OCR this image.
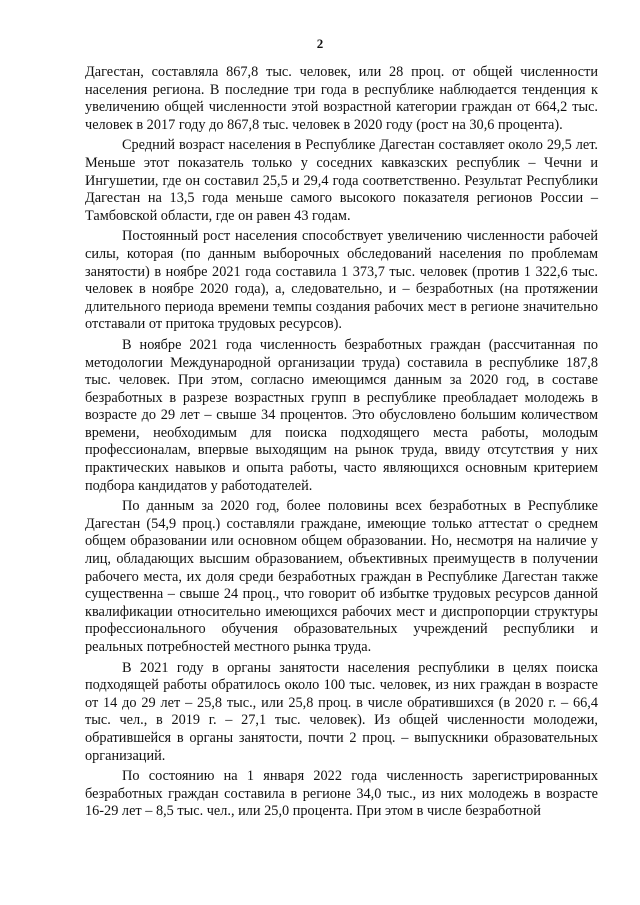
2

Дагестан, составляла 867,8 тыс. человек, или 28 проц. от общей численности населения региона. В последние три года в республике наблюдается тенденция к увеличению общей численности этой возрастной категории граждан от 664,2 тыс. человек в 2017 году до 867,8 тыс. человек в 2020 году (рост на 30,6 процента).

Средний возраст населения в Республике Дагестан составляет около 29,5 лет. Меньше этот показатель только у соседних кавказских республик – Чечни и Ингушетии, где он составил 25,5 и 29,4 года соответственно. Результат Республики Дагестан на 13,5 года меньше самого высокого показателя регионов России – Тамбовской области, где он равен 43 годам.

Постоянный рост населения способствует увеличению численности рабочей силы, которая (по данным выборочных обследований населения по проблемам занятости) в ноябре 2021 года составила 1 373,7 тыс. человек (против 1 322,6 тыс. человек в ноябре 2020 года), а, следовательно, и – безработных (на протяжении длительного периода времени темпы создания рабочих мест в регионе значительно отставали от притока трудовых ресурсов).

В ноябре 2021 года численность безработных граждан (рассчитанная по методологии Международной организации труда) составила в республике 187,8 тыс. человек. При этом, согласно имеющимся данным за 2020 год, в составе безработных в разрезе возрастных групп в республике преобладает молодежь в возрасте до 29 лет – свыше 34 процентов. Это обусловлено большим количеством времени, необходимым для поиска подходящего места работы, молодым профессионалам, впервые выходящим на рынок труда, ввиду отсутствия у них практических навыков и опыта работы, часто являющихся основным критерием подбора кандидатов у работодателей.

По данным за 2020 год, более половины всех безработных в Республике Дагестан (54,9 проц.) составляли граждане, имеющие только аттестат о среднем общем образовании или основном общем образовании. Но, несмотря на наличие у лиц, обладающих высшим образованием, объективных преимуществ в получении рабочего места, их доля среди безработных граждан в Республике Дагестан также существенна – свыше 24 проц., что говорит об избытке трудовых ресурсов данной квалификации относительно имеющихся рабочих мест и диспропорции структуры профессионального обучения образовательных учреждений республики и реальных потребностей местного рынка труда.

В 2021 году в органы занятости населения республики в целях поиска подходящей работы обратилось около 100 тыс. человек, из них граждан в возрасте от 14 до 29 лет – 25,8 тыс., или 25,8 проц. в числе обратившихся (в 2020 г. – 66,4 тыс. чел., в 2019 г. – 27,1 тыс. человек). Из общей численности молодежи, обратившейся в органы занятости, почти 2 проц. – выпускники образовательных организаций.

По состоянию на 1 января 2022 года численность зарегистрированных безработных граждан составила в регионе 34,0 тыс., из них молодежь в возрасте 16-29 лет – 8,5 тыс. чел., или 25,0 процента. При этом в числе безработной
